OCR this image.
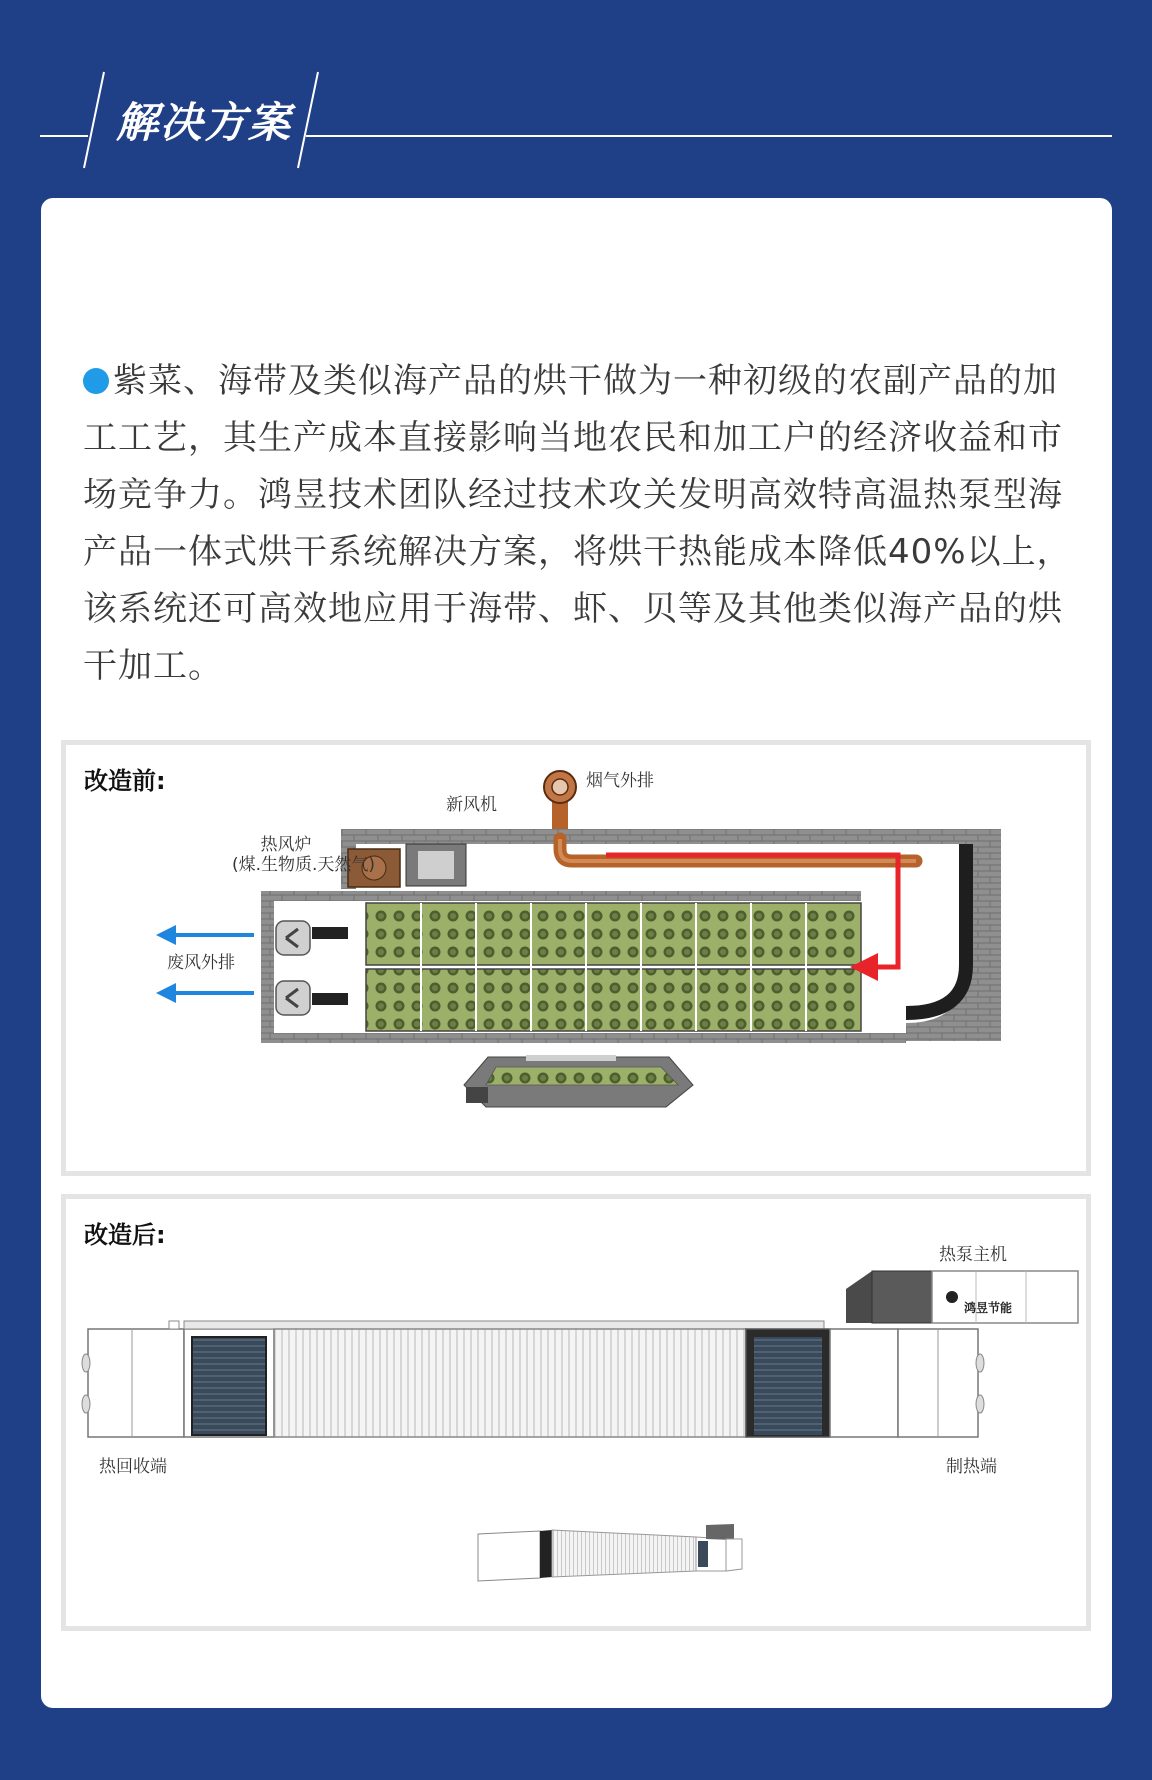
解决方案

紫菜、海带及类似海产品的烘干做为一种初级的农副产品的加工工艺，其生产成本直接影响当地农民和加工户的经济收益和市场竞争力。鸿昱技术团队经过技术攻关发明高效特高温热泵型海产品一体式烘干系统解决方案，将烘干热能成本降低40%以上，该系统还可高效地应用于海带、虾、贝等及其他类似海产品的烘干加工。

改造前:	烟气外排
新风机
热风炉
(煤.生物质.天然气)
废风外排
改造后:
热泵主机
鸿昱节能
热回收端	制热端
